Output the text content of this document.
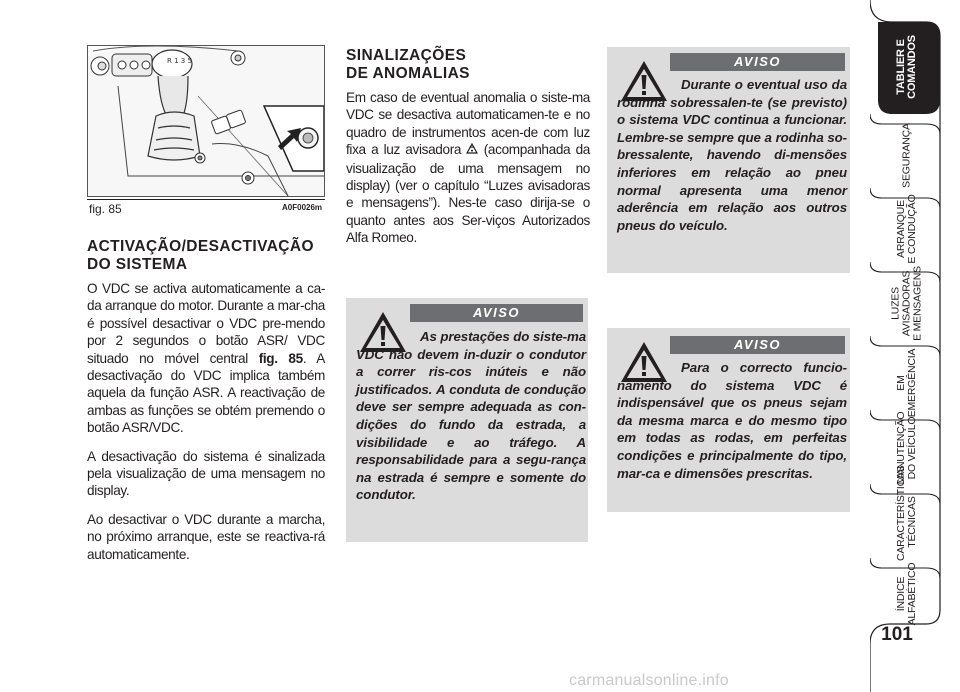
R 1 3 5
fig. 85	A0F0026m
ACTIVAÇÃO/DESACTIVAÇÃO
DO SISTEMA

O VDC se activa automaticamente a ca-da arranque do motor. Durante a mar-cha é possível desactivar o VDC pre-mendo por 2 segundos o botão ASR/ VDC situado no móvel central fig. 85. A desactivação do VDC implica também aquela da função ASR. A reactivação de ambas as funções se obtém premendo o botão ASR/VDC.

A desactivação do sistema é sinalizada pela visualização de uma mensagem no display.

Ao desactivar o VDC durante a marcha, no próximo arranque, este se reactiva-rá automaticamente.

SINALIZAÇÕES
DE ANOMALIAS

Em caso de eventual anomalia o siste-ma VDC se desactiva automaticamen-te e no quadro de instrumentos acen-de com luz fixa a luz avisadora  (acompanhada da visualização de uma mensagem no display) (ver o capítulo “Luzes avisadoras e mensagens”). Nes-te caso dirija-se o quanto antes aos Ser-viços Autorizados Alfa Romeo.

AVISO

As prestações do siste-ma VDC não devem in-duzir o condutor a correr ris-cos inúteis e não justificados. A conduta de condução deve ser sempre adequada as con-dições do fundo da estrada, a visibilidade e ao tráfego. A responsabilidade para a segu-rança na estrada é sempre e somente do condutor.

AVISO

Durante o eventual uso da rodinha sobressalen-te (se previsto) o sistema VDC continua a funcionar. Lembre-se sempre que a rodinha so-bressalente, havendo di-mensões inferiores em relação ao pneu normal apresenta uma menor aderência em relação aos outros pneus do veículo.

AVISO

Para o correcto funcio-namento do sistema VDC é indispensável que os pneus sejam da mesma marca e do mesmo tipo em todas as rodas, em perfeitas condições e principalmente do tipo, mar-ca e dimensões prescritas.

TABLIER E
COMANDOS
SEGURANÇA
ARRANQUE
E CONDUÇÃO
LUZES
AVISADORAS
E MENSAGENS
EM EMERGÊNCIA
MANUTENÇÃO
DO VEÍCULO
CARACTERÍSTICAS
TÉCNICAS
ÍNDICE
ALFABÉTICO
101
carmanualsonline.info
